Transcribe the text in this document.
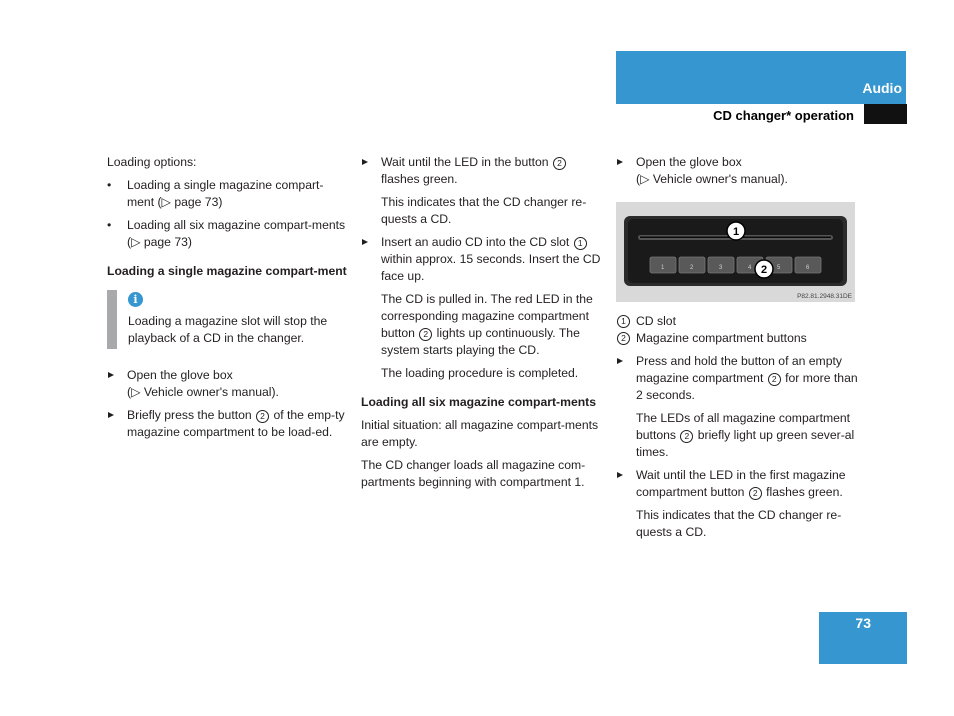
Audio
CD changer* operation

Loading options:

• Loading a single magazine compart-ment (▷ page 73)
• Loading all six magazine compart-ments (▷ page 73)

Loading a single magazine compart-ment

i
Loading a magazine slot will stop the playback of a CD in the changer.
Open the glove box
(▷ Vehicle owner's manual).
Briefly press the button 2 of the emp-ty magazine compartment to be load-ed.
Wait until the LED in the button 2 flashes green.

This indicates that the CD changer re-quests a CD.

Insert an audio CD into the CD slot 1 within approx. 15 seconds. Insert the CD face up.

The CD is pulled in. The red LED in the corresponding magazine compartment button 2 lights up continuously. The system starts playing the CD.

The loading procedure is completed.

Loading all six magazine compart-ments

Initial situation: all magazine compart-ments are empty.

The CD changer loads all magazine com-partments beginning with compartment 1.

Open the glove box
(▷ Vehicle owner's manual).
1	2	3	4	5	6
1
2
P82.81.2948.31DE
1 CD slot
2 Magazine compartment buttons
Press and hold the button of an empty magazine compartment 2 for more than 2 seconds.

The LEDs of all magazine compartment buttons 2 briefly light up green sever-al times.

Wait until the LED in the first magazine compartment button 2 flashes green.

This indicates that the CD changer re-quests a CD.

73
